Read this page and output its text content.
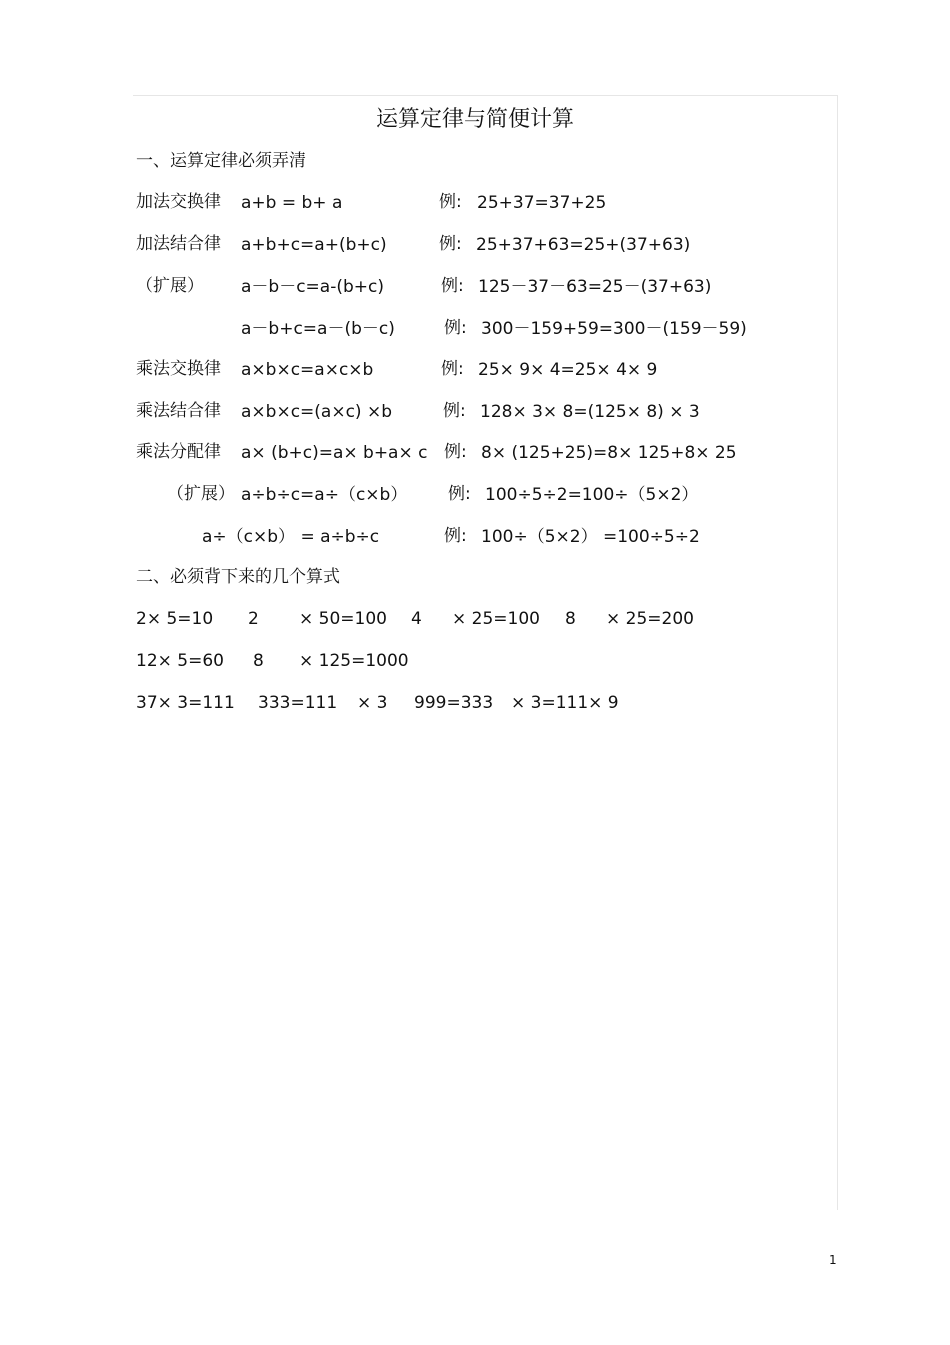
运算定律与简便计算
一、运算定律必须弄清
加法交换律 a+b = b+ a	例: 25+37=37+25
加法结合律 a+b+c=a+(b+c)	例: 25+37+63=25+(37+63)
（扩展） a－b－c=a-(b+c)	例: 125－37－63=25－(37+63)
a－b+c=a－(b－c)	例: 300－159+59=300－(159－59)
乘法交换律 a×b×c=a×c×b	例: 25× 9× 4=25× 4× 9
乘法结合律 a×b×c=(a×c) ×b	例: 128× 3× 8=(125× 8) × 3
乘法分配律 a× (b+c)=a× b+a× c 例: 8× (125+25)=8× 125+8× 25
（扩展） a÷b÷c=a÷（c×b） 例: 100÷5÷2=100÷（5×2）
a÷（c×b） = a÷b÷c	例: 100÷（5×2） =100÷5÷2
二、必须背下来的几个算式
2× 5=10 2 × 50=100 4 × 25=100 8 × 25=200
12× 5=60 8 × 125=1000
37× 3=111 333=111 × 3 999=333 × 3=111× 9
1
